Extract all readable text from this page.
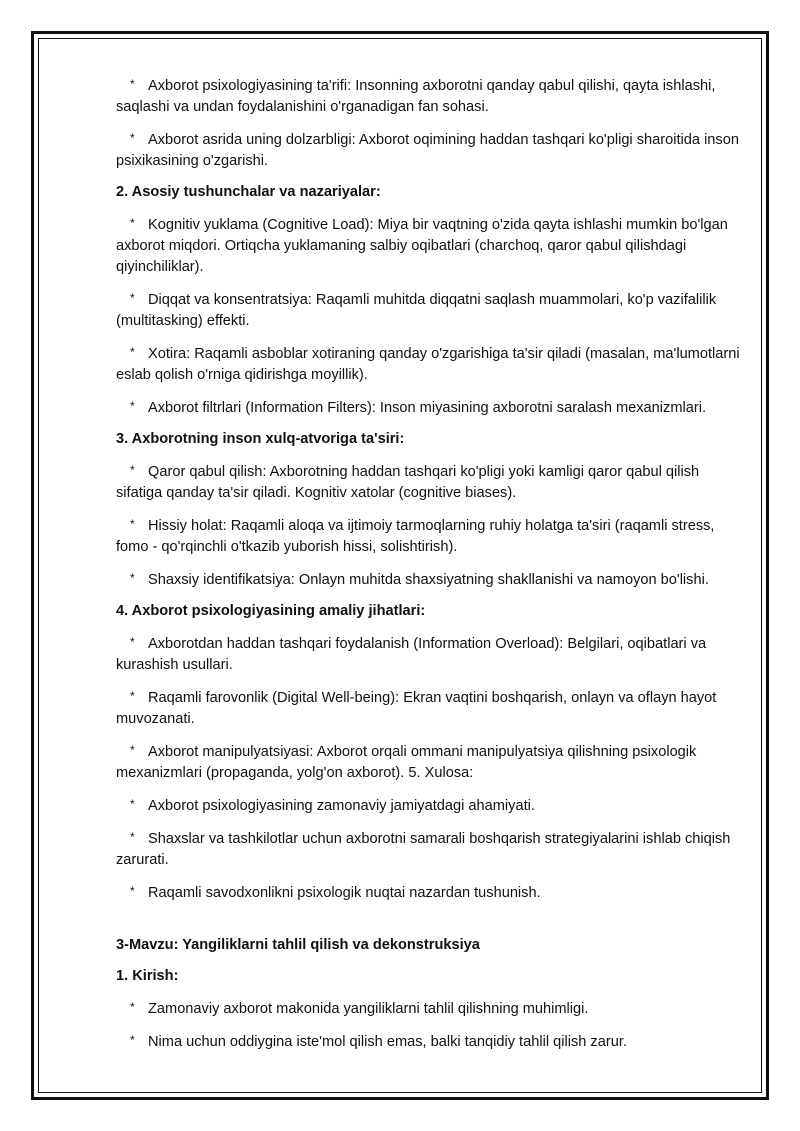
* Axborot psixologiyasining ta'rifi: Insonning axborotni qanday qabul qilishi, qayta ishlashi, saqlashi va undan foydalanishini o'rganadigan fan sohasi.

* Axborot asrida uning dolzarbligi: Axborot oqimining haddan tashqari ko'pligi sharoitida inson psixikasining o'zgarishi.

2. Asosiy tushunchalar va nazariyalar:

* Kognitiv yuklama (Cognitive Load): Miya bir vaqtning o'zida qayta ishlashi mumkin bo'lgan axborot miqdori. Ortiqcha yuklamaning salbiy oqibatlari (charchoq, qaror qabul qilishdagi qiyinchiliklar).

* Diqqat va konsentratsiya: Raqamli muhitda diqqatni saqlash muammolari, ko'p vazifalilik (multitasking) effekti.

* Xotira: Raqamli asboblar xotiraning qanday o'zgarishiga ta'sir qiladi (masalan, ma'lumotlarni eslab qolish o'rniga qidirishga moyillik).

* Axborot filtrlari (Information Filters): Inson miyasining axborotni saralash mexanizmlari.

3. Axborotning inson xulq-atvoriga ta'siri:

* Qaror qabul qilish: Axborotning haddan tashqari ko'pligi yoki kamligi qaror qabul qilish sifatiga qanday ta'sir qiladi. Kognitiv xatolar (cognitive biases).

* Hissiy holat: Raqamli aloqa va ijtimoiy tarmoqlarning ruhiy holatga ta'siri (raqamli stress, fomo - qo'rqinchli o'tkazib yuborish hissi, solishtirish).

* Shaxsiy identifikatsiya: Onlayn muhitda shaxsiyatning shakllanishi va namoyon bo'lishi.

4. Axborot psixologiyasining amaliy jihatlari:

* Axborotdan haddan tashqari foydalanish (Information Overload): Belgilari, oqibatlari va kurashish usullari.

* Raqamli farovonlik (Digital Well-being): Ekran vaqtini boshqarish, onlayn va oflayn hayot muvozanati.

* Axborot manipulyatsiyasi: Axborot orqali ommani manipulyatsiya qilishning psixologik mexanizmlari (propaganda, yolg'on axborot). 5. Xulosa:

* Axborot psixologiyasining zamonaviy jamiyatdagi ahamiyati.

* Shaxslar va tashkilotlar uchun axborotni samarali boshqarish strategiyalarini ishlab chiqish zarurati.

* Raqamli savodxonlikni psixologik nuqtai nazardan tushunish.

3-Mavzu: Yangiliklarni tahlil qilish va dekonstruksiya

1. Kirish:

* Zamonaviy axborot makonida yangiliklarni tahlil qilishning muhimligi.

* Nima uchun oddiygina iste'mol qilish emas, balki tanqidiy tahlil qilish zarur.
